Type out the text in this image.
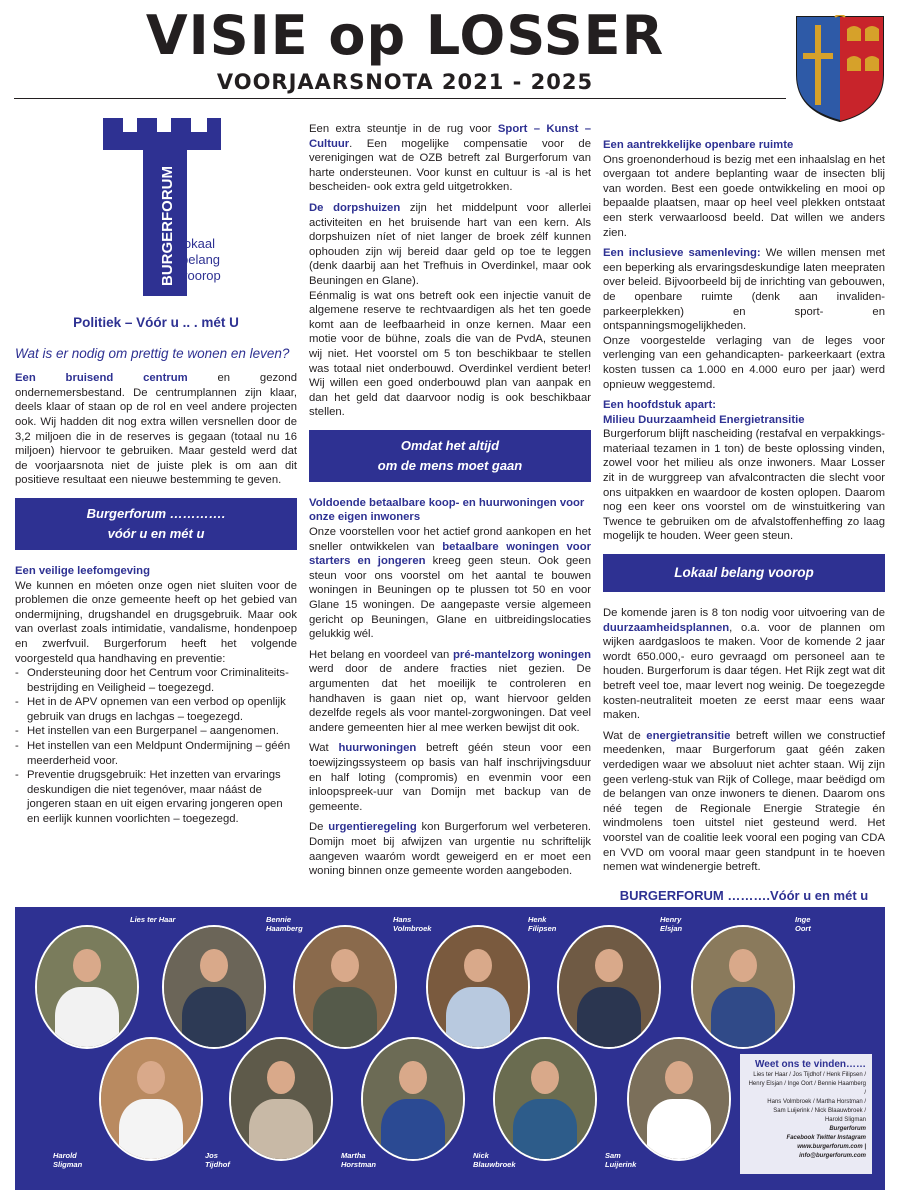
VISIE op LOSSER
VOORJAARSNOTA 2021 - 2025
BURGERFORUM lokaal
belang
voorop
Politiek – Vóór u .. . mét U
Wat is er nodig om prettig te wonen en leven?

Een bruisend centrum en gezond ondernemersbestand. De centrumplannen zijn klaar, deels klaar of staan op de rol en veel andere projecten ook. Wij hadden dit nog extra willen versnellen door de 3,2 miljoen die in de reserves is gegaan (totaal nu 16 miljoen) hiervoor te gebruiken. Maar gesteld werd dat de voorjaarsnota niet de juiste plek is om aan dit positieve resultaat een nieuwe bestemming te geven.

Burgerforum ………….
vóór u en mét u
Een veilige leefomgeving

We kunnen en móeten onze ogen niet sluiten voor de problemen die onze gemeente heeft op het gebied van ondermijning, drugshandel en drugsgebruik. Maar ook van overlast zoals intimidatie, vandalisme, hondenpoep en zwerfvuil. Burgerforum heeft het volgende voorgesteld qua handhaving en preventie:

- Ondersteuning door het Centrum voor Criminaliteits-bestrijding en Veiligheid – toegezegd.
- Het in de APV opnemen van een verbod op openlijk gebruik van drugs en lachgas – toegezegd.
- Het instellen van een Burgerpanel – aangenomen.
- Het instellen van een Meldpunt Ondermijning – géén meerderheid voor.
- Preventie drugsgebruik: Het inzetten van ervarings deskundigen die niet tegenóver, maar náást de jongeren staan en uit eigen ervaring jongeren open en eerlijk kunnen voorlichten – toegezegd.

Een extra steuntje in de rug voor Sport – Kunst – Cultuur. Een mogelijke compensatie voor de verenigingen wat de OZB betreft zal Burgerforum van harte ondersteunen. Voor kunst en cultuur is -al is het bescheiden- ook extra geld uitgetrokken.

De dorpshuizen zijn het middelpunt voor allerlei activiteiten en het bruisende hart van een kern. Als dorpshuizen níet of niet langer de broek zélf kunnen ophouden zijn wij bereid daar geld op toe te leggen (denk daarbij aan het Trefhuis in Overdinkel, maar ook Beuningen en Glane).

Eénmalig is wat ons betreft ook een injectie vanuit de algemene reserve te rechtvaardigen als het ten goede komt aan de leefbaarheid in onze kernen. Maar een motie voor de bühne, zoals die van de PvdA, steunen wij niet. Het voorstel om 5 ton beschikbaar te stellen was totaal niet onderbouwd. Overdinkel verdient beter! Wij willen een goed onderbouwd plan van aanpak en dan het geld dat daarvoor nodig is ook beschikbaar stellen.

Omdat het altijd
om de mens moet gaan
Voldoende betaalbare koop- en huurwoningen voor onze eigen inwoners

Onze voorstellen voor het actief grond aankopen en het sneller ontwikkelen van betaalbare woningen voor starters en jongeren kreeg geen steun. Ook geen steun voor ons voorstel om het aantal te bouwen woningen in Beuningen op te plussen tot 50 en voor Glane 15 woningen. De aangepaste versie algemeen gericht op Beuningen, Glane en uitbreidingslocaties gelukkig wél.

Het belang en voordeel van pré-mantelzorg woningen werd door de andere fracties niet gezien. De argumenten dat het moeilijk te controleren en handhaven is gaan niet op, want hiervoor gelden dezelfde regels als voor mantel-zorgwoningen. Dat veel andere gemeenten hier al mee werken bewijst dit ook.

Wat huurwoningen betreft géén steun voor een toewijzingssysteem op basis van half inschrijvingsduur en half loting (compromis) en evenmin voor een inloopspreek-uur van Domijn met backup van de gemeente.

De urgentieregeling kon Burgerforum wel verbeteren. Domijn moet bij afwijzen van urgentie nu schriftelijk aangeven waaróm wordt geweigerd en er moet een woning binnen onze gemeente worden aangeboden.

Een aantrekkelijke openbare ruimte

Ons groenonderhoud is bezig met een inhaalslag en het overgaan tot andere beplanting waar de insecten blij van worden. Best een goede ontwikkeling en mooi op bepaalde plaatsen, maar op heel veel plekken ontstaat een sterk verwaarloosd beeld. Dat willen we anders zien.

Een inclusieve samenleving: We willen mensen met een beperking als ervaringsdeskundige laten meepraten over beleid. Bijvoorbeeld bij de inrichting van gebouwen, de openbare ruimte (denk aan invaliden-parkeerplekken) en sport- en ontspanningsmogelijkheden.

Onze voorgestelde verlaging van de leges voor verlenging van een gehandicapten- parkeerkaart (extra kosten tussen ca 1.000 en 4.000 euro per jaar) werd opnieuw weggestemd.

Een hoofdstuk apart:
Milieu Duurzaamheid Energietransitie

Burgerforum blijft nascheiding (restafval en verpakkings-materiaal tezamen in 1 ton) de beste oplossing vinden, zowel voor het milieu als onze inwoners. Maar Losser zit in de wurggreep van afvalcontracten die slecht voor ons uitpakken en waardoor de kosten oplopen. Daarom nog een keer ons voorstel om de winstuitkering van Twence te gebruiken om de afvalstoffenheffing zo laag mogelijk te houden. Weer geen steun.

Lokaal belang voorop

De komende jaren is 8 ton nodig voor uitvoering van de duurzaamheidsplannen, o.a. voor de plannen om wijken aardgasloos te maken. Voor de komende 2 jaar wordt 650.000,- euro gevraagd om personeel aan te houden. Burgerforum is daar tégen. Het Rijk zegt wat dit betreft veel toe, maar levert nog weinig. De toegezegde kosten-neutraliteit moeten ze eerst maar eens waar maken.

Wat de energietransitie betreft willen we constructief meedenken, maar Burgerforum gaat géén zaken verdedigen waar we absoluut niet achter staan. Wij zijn geen verleng-stuk van Rijk of College, maar beëdigd om de belangen van onze inwoners te dienen. Daarom ons néé tegen de Regionale Energie Strategie én windmolens toen uitstel niet gesteund werd. Het voorstel van de coalitie leek vooral een poging van CDA en VVD om vooral maar geen standpunt in te hoeven nemen wat windenergie betreft.

BURGERFORUM ……….Vóór u en mét u
Lies ter Haar	Bennie
Haamberg
Hans
Volmbroek
Henk
Filipsen
Henry
Elsjan
Inge
Oort
Harold
Sligman
Jos
Tijdhof
Martha
Horstman
Nick
Blauwbroek
Sam
Luijerink
Weet ons te vinden……
Lies ter Haar / Jos Tijdhof / Henk Filipsen /
Henry Elsjan / Inge Oort / Bennie Haamberg /
Hans Volmbroek / Martha Horstman /
Sam Luijerink / Nick Blaauwbroek /
Harold Sligman
Burgerforum
Facebook Twitter Instagram
www.burgerforum.com |
info@burgerforum.com
